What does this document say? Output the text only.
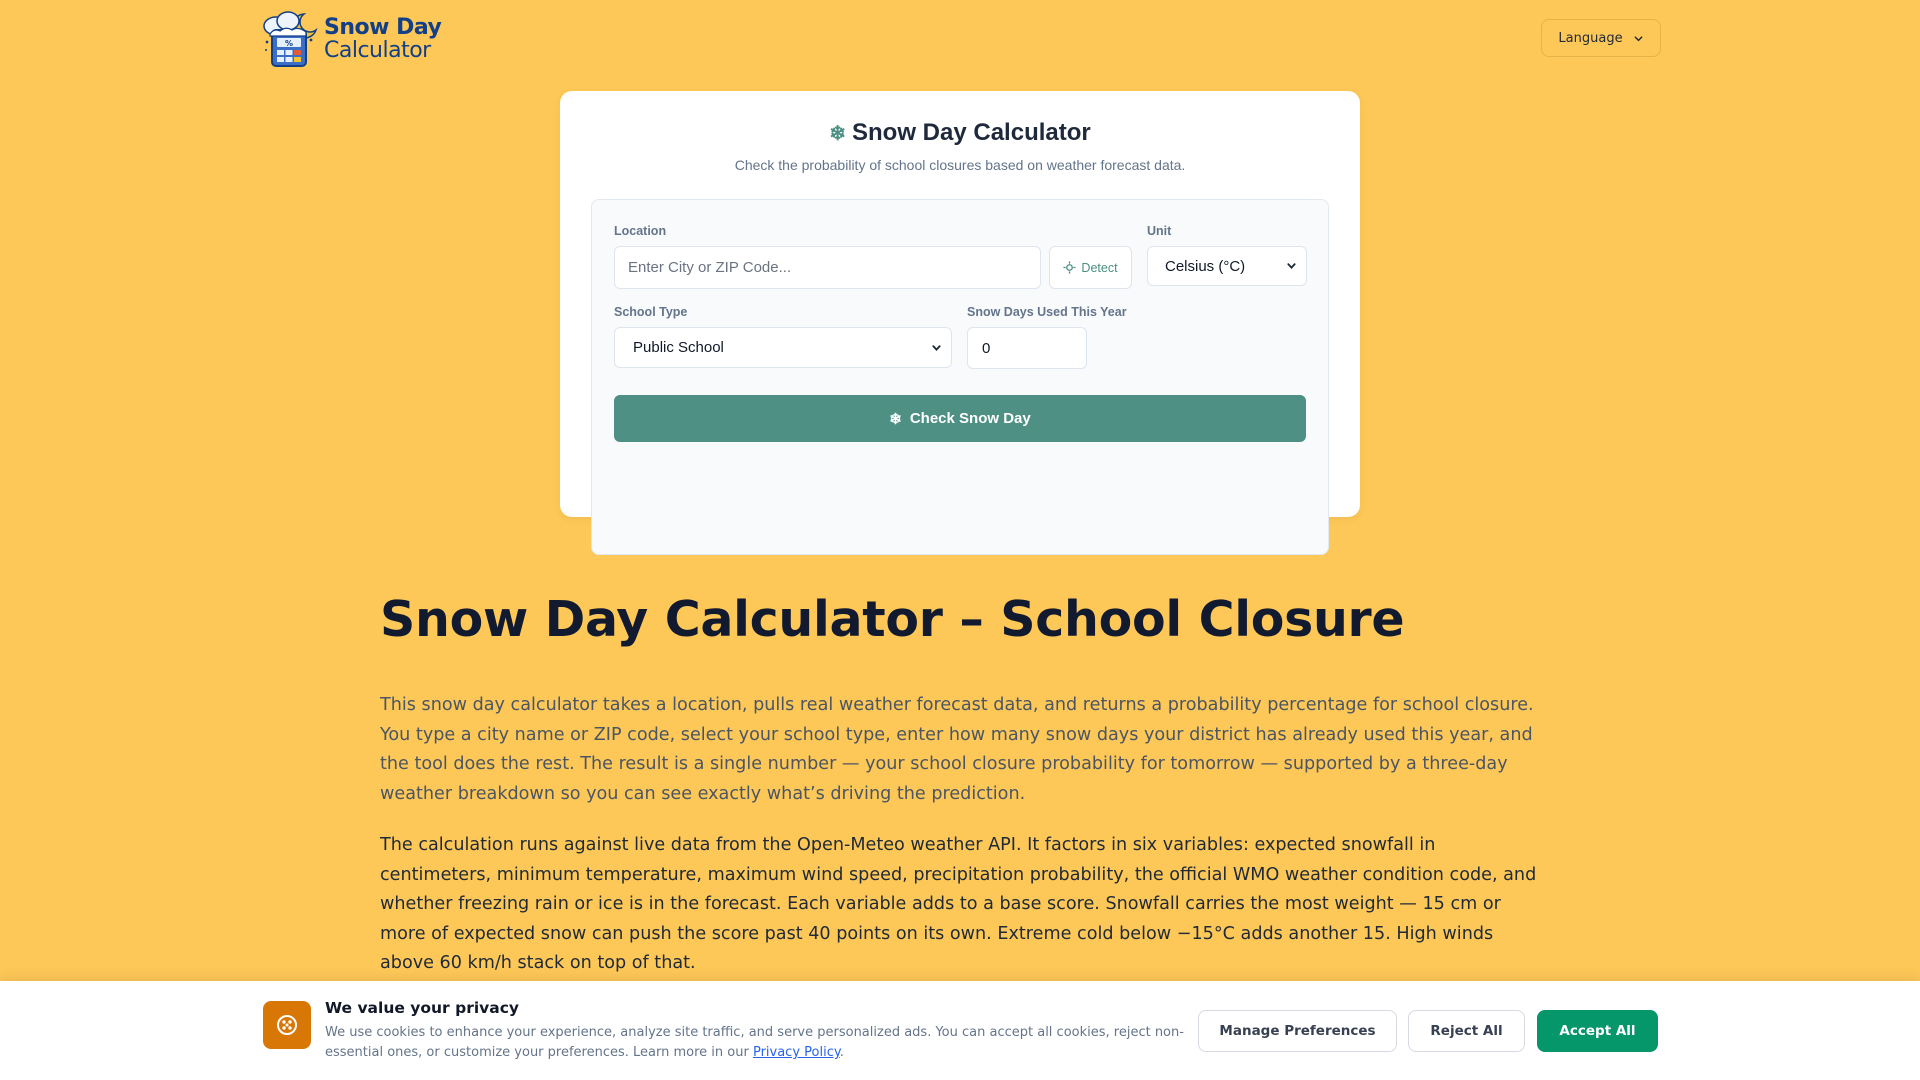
%
Snow Day
Calculator	Language
❄ Snow Day Calculator
Check the probability of school closures based on weather forecast data.
Location
Enter City or ZIP Code...	Detect
Unit
Celsius (°C)
School Type
Public School
Snow Days Used This Year
0
❄ Check Snow Day
Snow Day Calculator – School Closure

This snow day calculator takes a location, pulls real weather forecast data, and returns a probability percentage for school closure. You type a city name or ZIP code, select your school type, enter how many snow days your district has already used this year, and the tool does the rest. The result is a single number — your school closure probability for tomorrow — supported by a three-day weather breakdown so you can see exactly what’s driving the prediction.

The calculation runs against live data from the Open-Meteo weather API. It factors in six variables: expected snowfall in centimeters, minimum temperature, maximum wind speed, precipitation probability, the official WMO weather condition code, and whether freezing rain or ice is in the forecast. Each variable adds to a base score. Snowfall carries the most weight — 15 cm or more of expected snow can push the score past 40 points on its own. Extreme cold below −15°C adds another 15. High winds above 60 km/h stack on top of that.

We value your privacy
We use cookies to enhance your experience, analyze site traffic, and serve personalized ads. You can accept all cookies, reject non-essential ones, or customize your preferences. Learn more in our Privacy Policy.
Manage Preferences	Reject All	Accept All
